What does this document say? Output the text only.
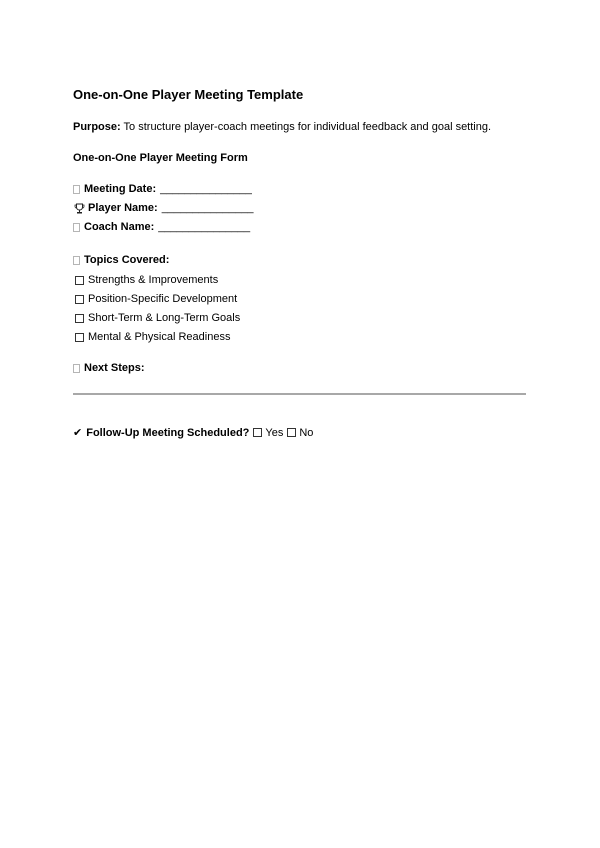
One-on-One Player Meeting Template
Purpose: To structure player-coach meetings for individual feedback and goal setting.
One-on-One Player Meeting Form
Meeting Date: _______________
Player Name: _______________
Coach Name: _______________
Topics Covered:
Strengths & Improvements
Position-Specific Development
Short-Term & Long-Term Goals
Mental & Physical Readiness
Next Steps:
✔ Follow-Up Meeting Scheduled? Yes No
